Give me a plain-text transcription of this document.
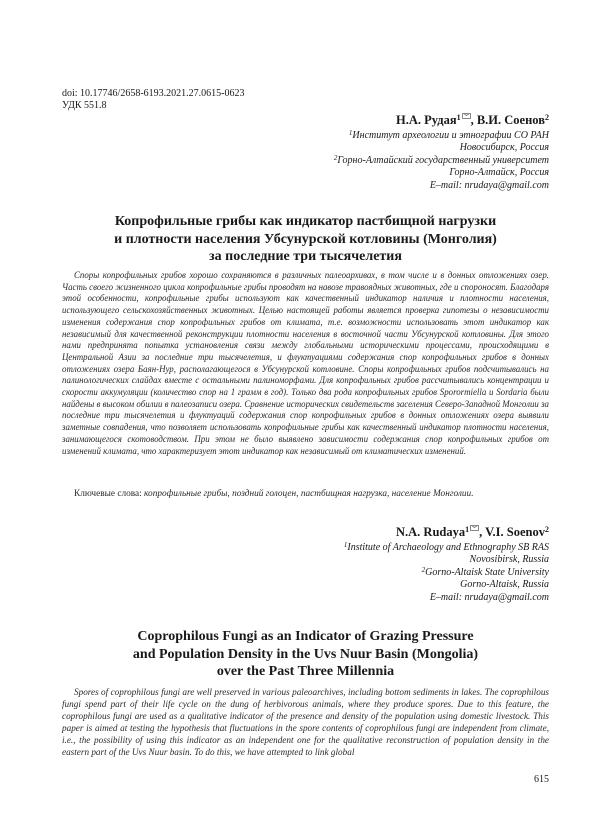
doi: 10.17746/2658-6193.2021.27.0615-0623
УДК 551.8
Н.А. Рудая$^1$ , В.И. Соенов$^2$
$^1$Институт археологии и этнографии СО РАН
Новосибирск, Россия
$^2$Горно-Алтайский государственный университет
Горно-Алтайск, Россия
E–mail: nrudaya@gmail.com
Копрофильные грибы как индикатор пастбищной нагрузки
и плотности населения Убсунурской котловины (Монголия)
за последние три тысячелетия
Споры копрофильных грибов хорошо сохраняются в различных палеоархивах, в том числе и в донных отложениях озер. Часть своего жизненного цикла копрофильные грибы проводят на навозе травоядных животных, где и спороносят. Благодаря этой особенности, копрофильные грибы используют как качественный индикатор наличия и плотности населения, использующего сельскохозяйственных животных. Целью настоящей работы является проверка гипотезы о независимости изменения содержания спор копрофильных грибов от климата, т.е. возможности использовать этот индикатор как независимый для качественной реконструкции плотности населения в восточной части Убсунурской котловины. Для этого нами предпринята попытка установления связи между глобальными историческими процессами, происходящими в Центральной Азии за последние три тысячелетия, и флуктуациями содержания спор копрофильных грибов в донных отложениях озера Баян-Нур, располагающегося в Убсунурской котловине. Споры копрофильных грибов подсчитывались на палинологических слайдах вместе с остальными палиноморфами. Для копрофильных грибов рассчитывались концентрации и скорости аккумуляции (количество спор на 1 грамм в год). Только два рода копрофильных грибов Sporormiella и Sordaria были найдены в высоком обилии в палеозаписи озера. Сравнение исторических свидетельств заселения Северо-Западной Монголии за последние три тысячелетия и флуктуаций содержания спор копрофильных грибов в донных отложениях озера выявили заметные совпадения, что позволяет использовать копрофильные грибы как качественный индикатор плотности населения, занимающегося скотоводством. При этом не было выявлено зависимости содержания спор копрофильных грибов от изменений климата, что характеризует этот индикатор как независимый от климатических изменений.
Ключевые слова: копрофильные грибы, поздний голоцен, пастбищная нагрузка, население Монголии.
N.A. Rudaya$^1$ , V.I. Soenov$^2$
$^1$Institute of Archaeology and Ethnography SB RAS
Novosibirsk, Russia
$^2$Gorno-Altaisk State University
Gorno-Altaisk, Russia
E–mail: nrudaya@gmail.com
Coprophilous Fungi as an Indicator of Grazing Pressure
and Population Density in the Uvs Nuur Basin (Mongolia)
over the Past Three Millennia
Spores of coprophilous fungi are well preserved in various paleoarchives, including bottom sediments in lakes. The coprophilous fungi spend part of their life cycle on the dung of herbivorous animals, where they produce spores. Due to this feature, the coprophilous fungi are used as a qualitative indicator of the presence and density of the population using domestic livestock. This paper is aimed at testing the hypothesis that fluctuations in the spore contents of coprophilous fungi are independent from climate, i.e., the possibility of using this indicator as an independent one for the qualitative reconstruction of population density in the eastern part of the Uvs Nuur basin. To do this, we have attempted to link global
615
